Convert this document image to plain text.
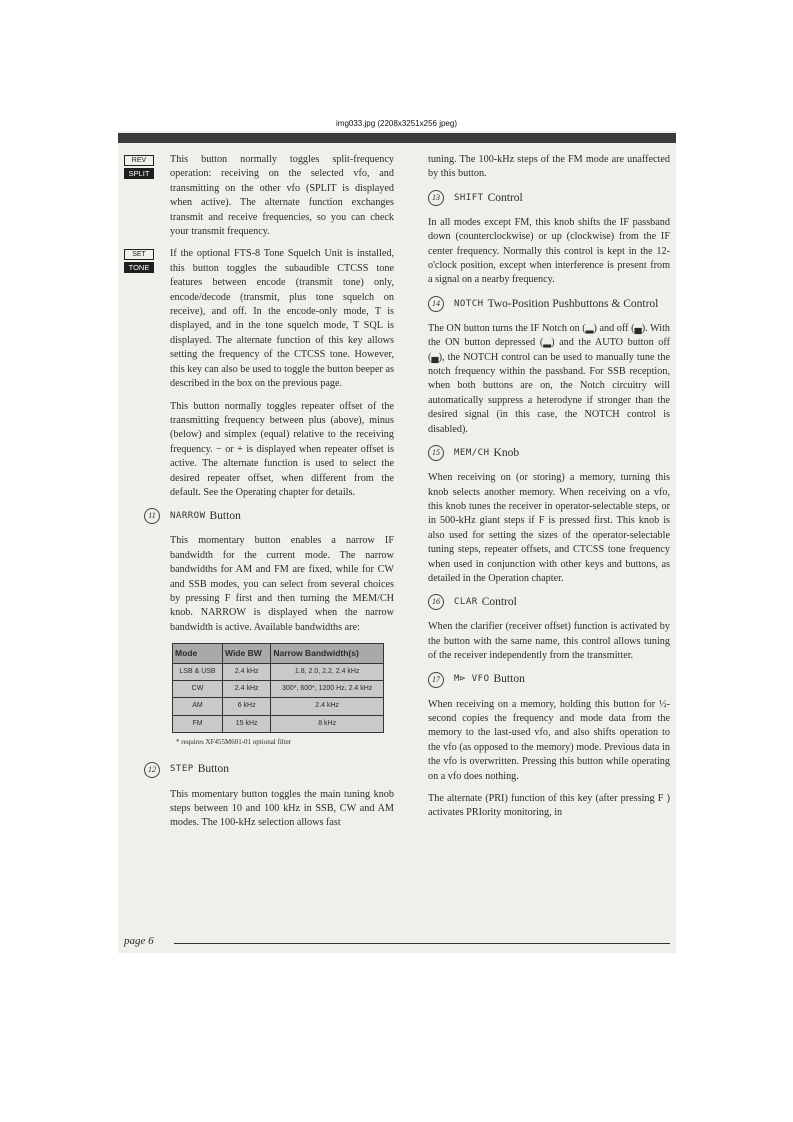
img033.jpg (2208x3251x256 jpeg)
REV
SPLIT

This button normally toggles split-frequency operation: receiving on the selected vfo, and transmitting on the other vfo (SPLIT is displayed when active). The alternate function exchanges transmit and receive frequencies, so you can check your transmit frequency.

SET
TONE

If the optional FTS-8 Tone Squelch Unit is installed, this button toggles the subaudible CTCSS tone features between encode (transmit tone) only, encode/decode (transmit, plus tone squelch on receive), and off. In the encode-only mode, T is displayed, and in the tone squelch mode, T SQL is displayed. The alternate function of this key allows setting the frequency of the CTCSS tone. However, this key can also be used to toggle the button beeper as described in the box on the previous page.

This button normally toggles repeater offset of the transmitting frequency between plus (above), minus (below) and simplex (equal) relative to the receiving frequency. − or + is displayed when repeater offset is active. The alternate function is used to select the desired repeater offset, when different from the default. See the Operating chapter for details.

11	NARROW Button

This momentary button enables a narrow IF bandwidth for the current mode. The narrow bandwidths for AM and FM are fixed, while for CW and SSB modes, you can select from several choices by pressing F first and then turning the MEM/CH knob. NARROW is displayed when the narrow bandwidth is active. Available bandwidths are:

Mode	Wide BW	Narrow Bandwidth(s)
LSB & USB	2.4 kHz	1.8, 2.0, 2.2, 2.4 kHz
CW	2.4 kHz	300*, 600*, 1200 Hz, 2.4 kHz
AM	6 kHz	2.4 kHz
FM	15 kHz	8 kHz
* requires XF455M601-01 optional filter
12	STEP Button

This momentary button toggles the main tuning knob steps between 10 and 100 kHz in SSB, CW and AM modes. The 100-kHz selection allows fast

tuning. The 100-kHz steps of the FM mode are unaffected by this button.

13	SHIFT Control

In all modes except FM, this knob shifts the IF passband down (counterclockwise) or up (clockwise) from the IF center frequency. Normally this control is kept in the 12-o'clock position, except when interference is present from a signal on a nearby frequency.

14	NOTCH Two-Position Pushbuttons & Control

The ON button turns the IF Notch on (▂) and off (▄). With the ON button depressed (▂) and the AUTO button off (▄), the NOTCH control can be used to manually tune the notch frequency within the passband. For SSB reception, when both buttons are on, the Notch circuitry will automatically suppress a heterodyne if stronger than the desired signal (in this case, the NOTCH control is disabled).

15	MEM/CH Knob

When receiving on (or storing) a memory, turning this knob selects another memory. When receiving on a vfo, this knob tunes the receiver in operator-selectable steps, or in 500-kHz giant steps if F is pressed first. This knob is also used for setting the sizes of the operator-selectable tuning steps, repeater offsets, and CTCSS tone frequency when used in conjunction with other keys and buttons, as detailed in the Operation chapter.

16	CLAR Control

When the clarifier (receiver offset) function is activated by the button with the same name, this control allows tuning of the receiver independently from the transmitter.

17	M⊳ VFO Button

When receiving on a memory, holding this button for ½-second copies the frequency and mode data from the memory to the last-used vfo, and also shifts operation to the vfo (as opposed to the memory) mode. Previous data in the vfo is overwritten. Pressing this button while operating on a vfo does nothing.

The alternate (PRI) function of this key (after pressing F ) activates PRIority monitoring, in

page 6
